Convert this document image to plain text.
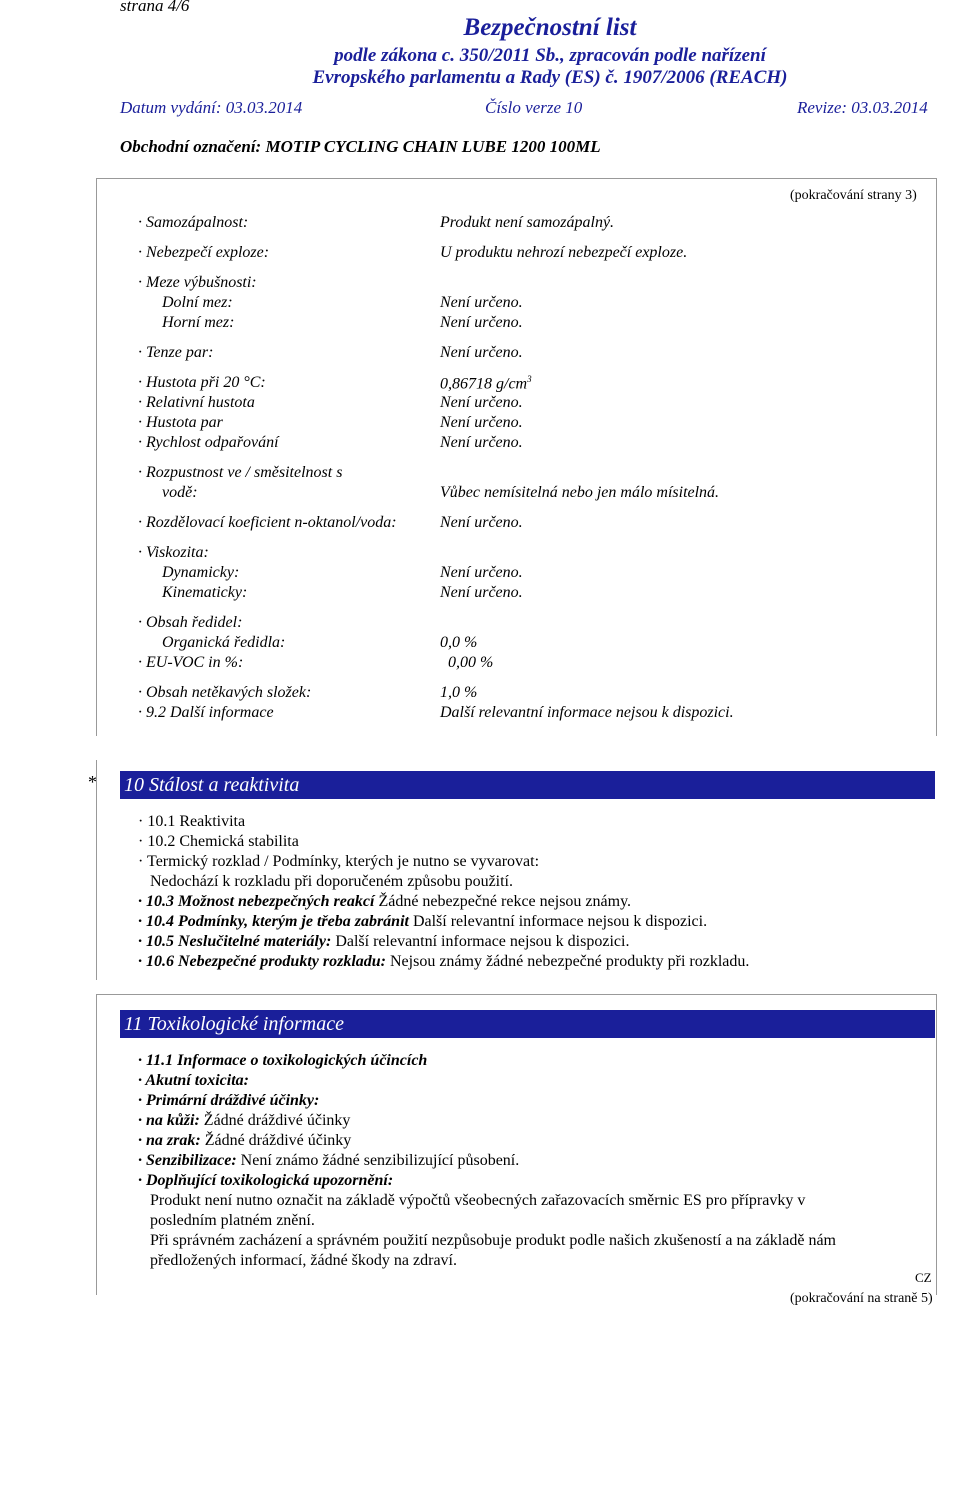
strana 4/6
Bezpečnostní list
podle zákona c. 350/2011 Sb., zpracován podle nařízení
Evropského parlamentu a Rady (ES) č. 1907/2006 (REACH)
Datum vydání: 03.03.2014	Číslo verze 10	Revize: 03.03.2014
Obchodní označení: MOTIP CYCLING CHAIN LUBE 1200 100ML
(pokračování strany 3)
· Samozápalnost:	Produkt není samozápalný.
· Nebezpečí exploze:	U produktu nehrozí nebezpečí exploze.
· Meze výbušnosti:
Dolní mez:	Není určeno.
Horní mez:	Není určeno.
· Tenze par:	Není určeno.
· Hustota při 20 °C:	0,86718 $g/cm^3$
· Relativní hustota	Není určeno.
· Hustota par	Není určeno.
· Rychlost odpařování	Není určeno.
· Rozpustnost ve / směsitelnost s
vodě:	Vůbec nemísitelná nebo jen málo mísitelná.
· Rozdělovací koeficient n-oktanol/voda:	Není určeno.
· Viskozita:
Dynamicky:	Není určeno.
Kinematicky:	Není určeno.
· Obsah ředidel:
Organická ředidla:	0,0 %
· EU-VOC in %:	0,00 %
· Obsah netěkavých složek:	1,0 %
· 9.2 Další informace	Další relevantní informace nejsou k dispozici.
* 10 Stálost a reaktivita
· 10.1 Reaktivita
· 10.2 Chemická stabilita
· Termický rozklad / Podmínky, kterých je nutno se vyvarovat:
Nedochází k rozkladu při doporučeném způsobu použití.
· 10.3 Možnost nebezpečných reakcí Žádné nebezpečné rekce nejsou známy.
· 10.4 Podmínky, kterým je třeba zabránit Další relevantní informace nejsou k dispozici.
· 10.5 Neslučitelné materiály: Další relevantní informace nejsou k dispozici.
· 10.6 Nebezpečné produkty rozkladu: Nejsou známy žádné nebezpečné produkty při rozkladu.
11 Toxikologické informace
· 11.1 Informace o toxikologických účincích
· Akutní toxicita:
· Primární dráždivé účinky:
· na kůži: Žádné dráždivé účinky
· na zrak: Žádné dráždivé účinky
· Senzibilizace: Není známo žádné senzibilizující působení.
· Doplňující toxikologická upozornění:
Produkt není nutno označit na základě výpočtů všeobecných zařazovacích směrnic ES pro přípravky v
posledním platném znění.
Při správném zacházení a správném použití nezpůsobuje produkt podle našich zkušeností a na základě nám
předložených informací, žádné škody na zdraví.
CZ
(pokračování na straně 5)
